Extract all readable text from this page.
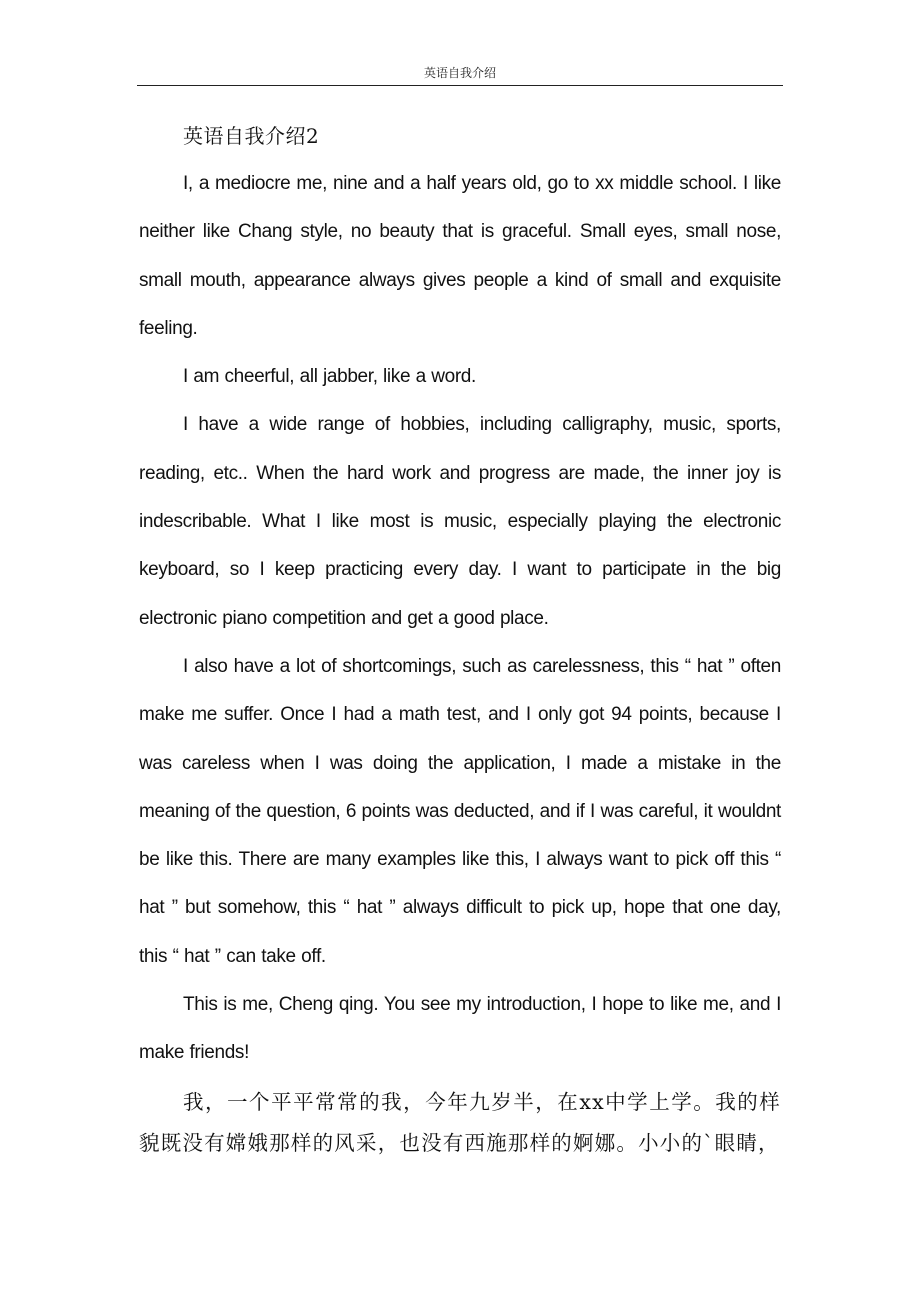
英语自我介绍

英语自我介绍2

I, a mediocre me, nine and a half years old, go to xx middle school. I like neither like Chang style, no beauty that is graceful. Small eyes, small nose, small mouth, appearance always gives people a kind of small and exquisite feeling.

I am cheerful, all jabber, like a word.

I have a wide range of hobbies, including calligraphy, music, sports, reading, etc.. When the hard work and progress are made, the inner joy is indescribable. What I like most is music, especially playing the electronic keyboard, so I keep practicing every day. I want to participate in the big electronic piano competition and get a good place.

I also have a lot of shortcomings, such as carelessness, this “ hat ” often make me suffer. Once I had a math test, and I only got 94 points, because I was careless when I was doing the application, I made a mistake in the meaning of the question, 6 points was deducted, and if I was careful, it wouldnt be like this. There are many examples like this, I always want to pick off this “ hat ” but somehow, this “ hat ” always difficult to pick up, hope that one day, this “ hat ” can take off.

This is me, Cheng qing. You see my introduction, I hope to like me, and I make friends!

我，一个平平常常的我，今年九岁半，在xx中学上学。我的样貌既没有嫦娥那样的风采，也没有西施那样的婀娜。小小的`眼睛，
